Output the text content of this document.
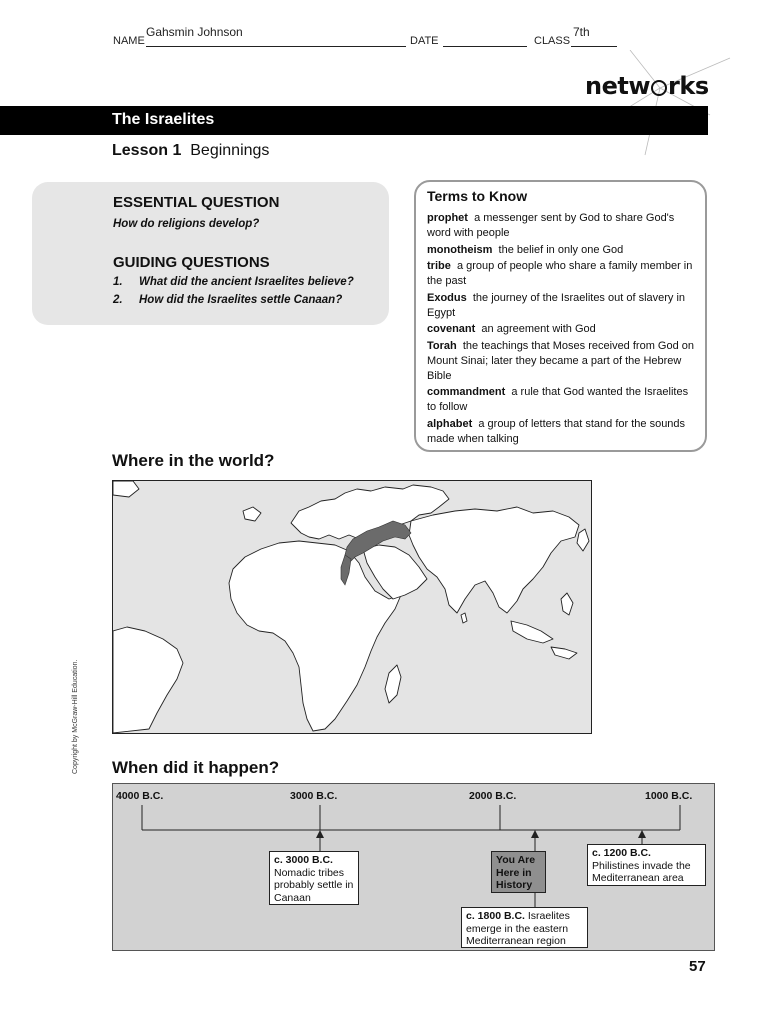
NAME
Gahsmin Johnson
DATE	CLASS
7th
netw rks
The Israelites
Lesson 1 Beginnings
ESSENTIAL QUESTION
How do religions develop?
GUIDING QUESTIONS
1. What did the ancient Israelites believe?
2. How did the Israelites settle Canaan?
Terms to Know
prophet a messenger sent by God to share God's word with people
monotheism the belief in only one God
tribe a group of people who share a family member in the past
Exodus the journey of the Israelites out of slavery in Egypt
covenant an agreement with God
Torah the teachings that Moses received from God on Mount Sinai; later they became a part of the Hebrew Bible
commandment a rule that God wanted the Israelites to follow
alphabet a group of letters that stand for the sounds made when talking
Where in the world?
When did it happen?
4000 B.C.	3000 B.C.	2000 B.C.	1000 B.C.
c. 3000 B.C.
Nomadic tribes probably settle in Canaan
You Are Here in History
c. 1800 B.C. Israelites emerge in the eastern Mediterranean region
c. 1200 B.C.
Philistines invade the Mediterranean area
Copyright by McGraw-Hill Education.
57
